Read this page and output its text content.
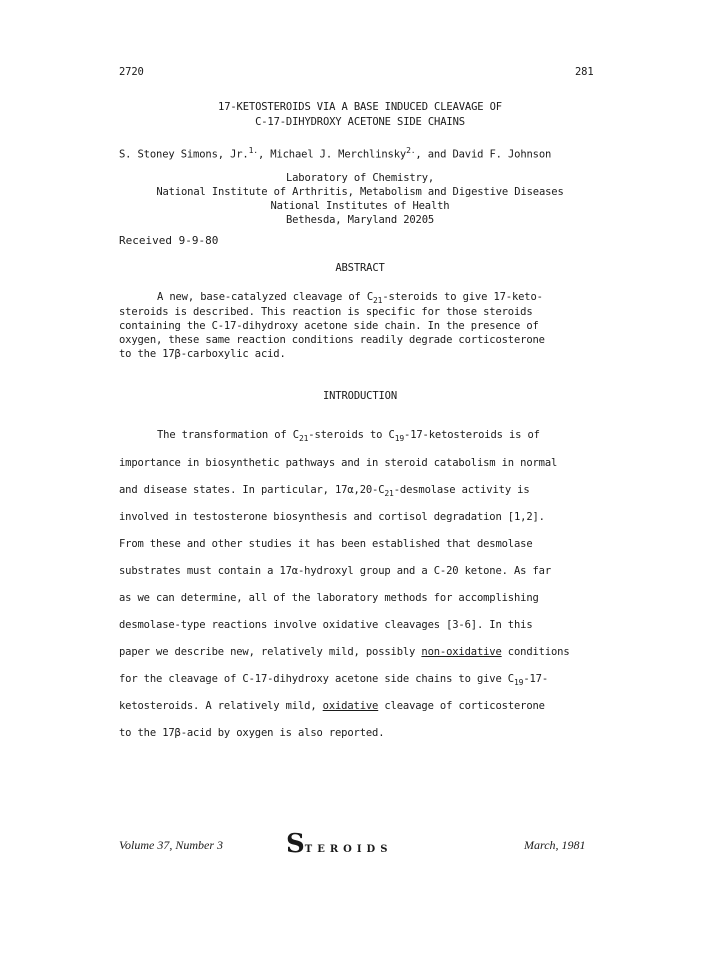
2720	281
17-KETOSTEROIDS VIA A BASE INDUCED CLEAVAGE OF
C-17-DIHYDROXY ACETONE SIDE CHAINS
S. Stoney Simons, Jr.$^{1.}$, Michael J. Merchlinsky$^{2.}$, and David F. Johnson
Laboratory of Chemistry,
National Institute of Arthritis, Metabolism and Digestive Diseases
National Institutes of Health
Bethesda, Maryland 20205
Received 9-9-80
ABSTRACT
A new, base-catalyzed cleavage of $C_{21}$-steroids to give 17-keto-
steroids is described. This reaction is specific for those steroids
containing the C-17-dihydroxy acetone side chain. In the presence of
oxygen, these same reaction conditions readily degrade corticosterone
to the 17β-carboxylic acid.
INTRODUCTION
The transformation of $C_{21}$-steroids to $C_{19}-17$-ketosteroids is of
importance in biosynthetic pathways and in steroid catabolism in normal
and disease states. In particular, $17\alpha,20-C_{21}$-desmolase activity is
involved in testosterone biosynthesis and cortisol degradation [1,2].
From these and other studies it has been established that desmolase
substrates must contain a 17α-hydroxyl group and a C-20 ketone. As far
as we can determine, all of the laboratory methods for accomplishing
desmolase-type reactions involve oxidative cleavages [3-6]. In this
paper we describe new, relatively mild, possibly non-oxidative conditions
for the cleavage of C-17-dihydroxy acetone side chains to give $C_{19}-17-$
ketosteroids. A relatively mild, oxidative cleavage of corticosterone
to the 17β-acid by oxygen is also reported.
Volume 37, Number 3 STEROIDS	March, 1981
